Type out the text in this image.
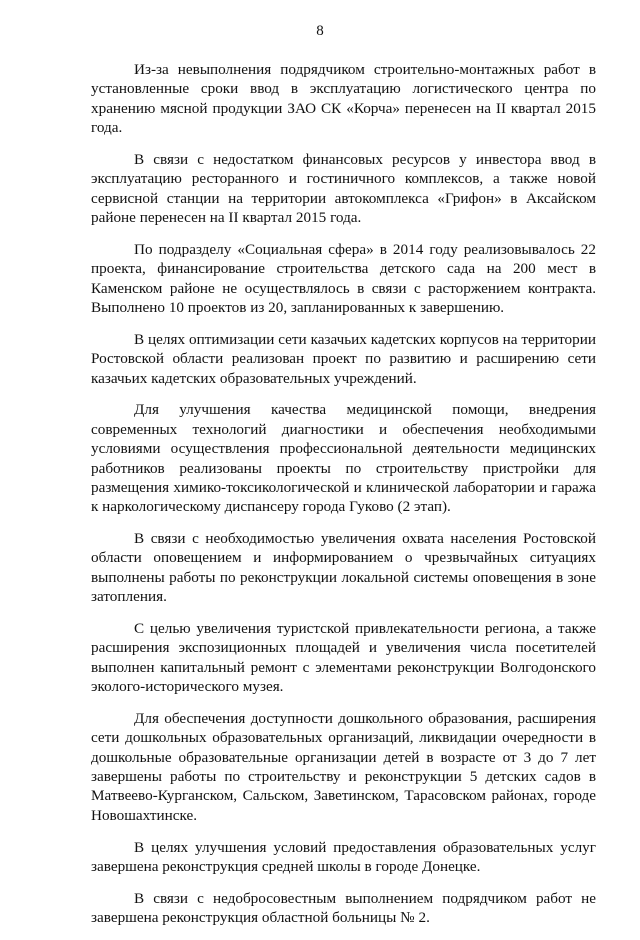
8

Из-за невыполнения подрядчиком строительно-монтажных работ в установленные сроки ввод в эксплуатацию логистического центра по хранению мясной продукции ЗАО СК «Корча» перенесен на II квартал 2015 года.

В связи с недостатком финансовых ресурсов у инвестора ввод в эксплуатацию ресторанного и гостиничного комплексов, а также новой сервисной станции на территории автокомплекса «Грифон» в Аксайском районе перенесен на II квартал 2015 года.

По подразделу «Социальная сфера» в 2014 году реализовывалось 22 проекта, финансирование строительства детского сада на 200 мест в Каменском районе не осуществлялось в связи с расторжением контракта. Выполнено 10 проектов из 20, запланированных к завершению.

В целях оптимизации сети казачьих кадетских корпусов на территории Ростовской области реализован проект по развитию и расширению сети казачьих кадетских образовательных учреждений.

Для улучшения качества медицинской помощи, внедрения современных технологий диагностики и обеспечения необходимыми условиями осуществления профессиональной деятельности медицинских работников реализованы проекты по строительству пристройки для размещения химико-токсикологической и клинической лаборатории и гаража к наркологическому диспансеру города Гуково (2 этап).

В связи с необходимостью увеличения охвата населения Ростовской области оповещением и информированием о чрезвычайных ситуациях выполнены работы по реконструкции локальной системы оповещения в зоне затопления.

С целью увеличения туристской привлекательности региона, а также расширения экспозиционных площадей и увеличения числа посетителей выполнен капитальный ремонт с элементами реконструкции Волгодонского эколого-исторического музея.

Для обеспечения доступности дошкольного образования, расширения сети дошкольных образовательных организаций, ликвидации очередности в дошкольные образовательные организации детей в возрасте от 3 до 7 лет завершены работы по строительству и реконструкции 5 детских садов в Матвеево-Курганском, Сальском, Заветинском, Тарасовском районах, городе Новошахтинске.

В целях улучшения условий предоставления образовательных услуг завершена реконструкция средней школы в городе Донецке.

В связи с недобросовестным выполнением подрядчиком работ не завершена реконструкция областной больницы № 2.
